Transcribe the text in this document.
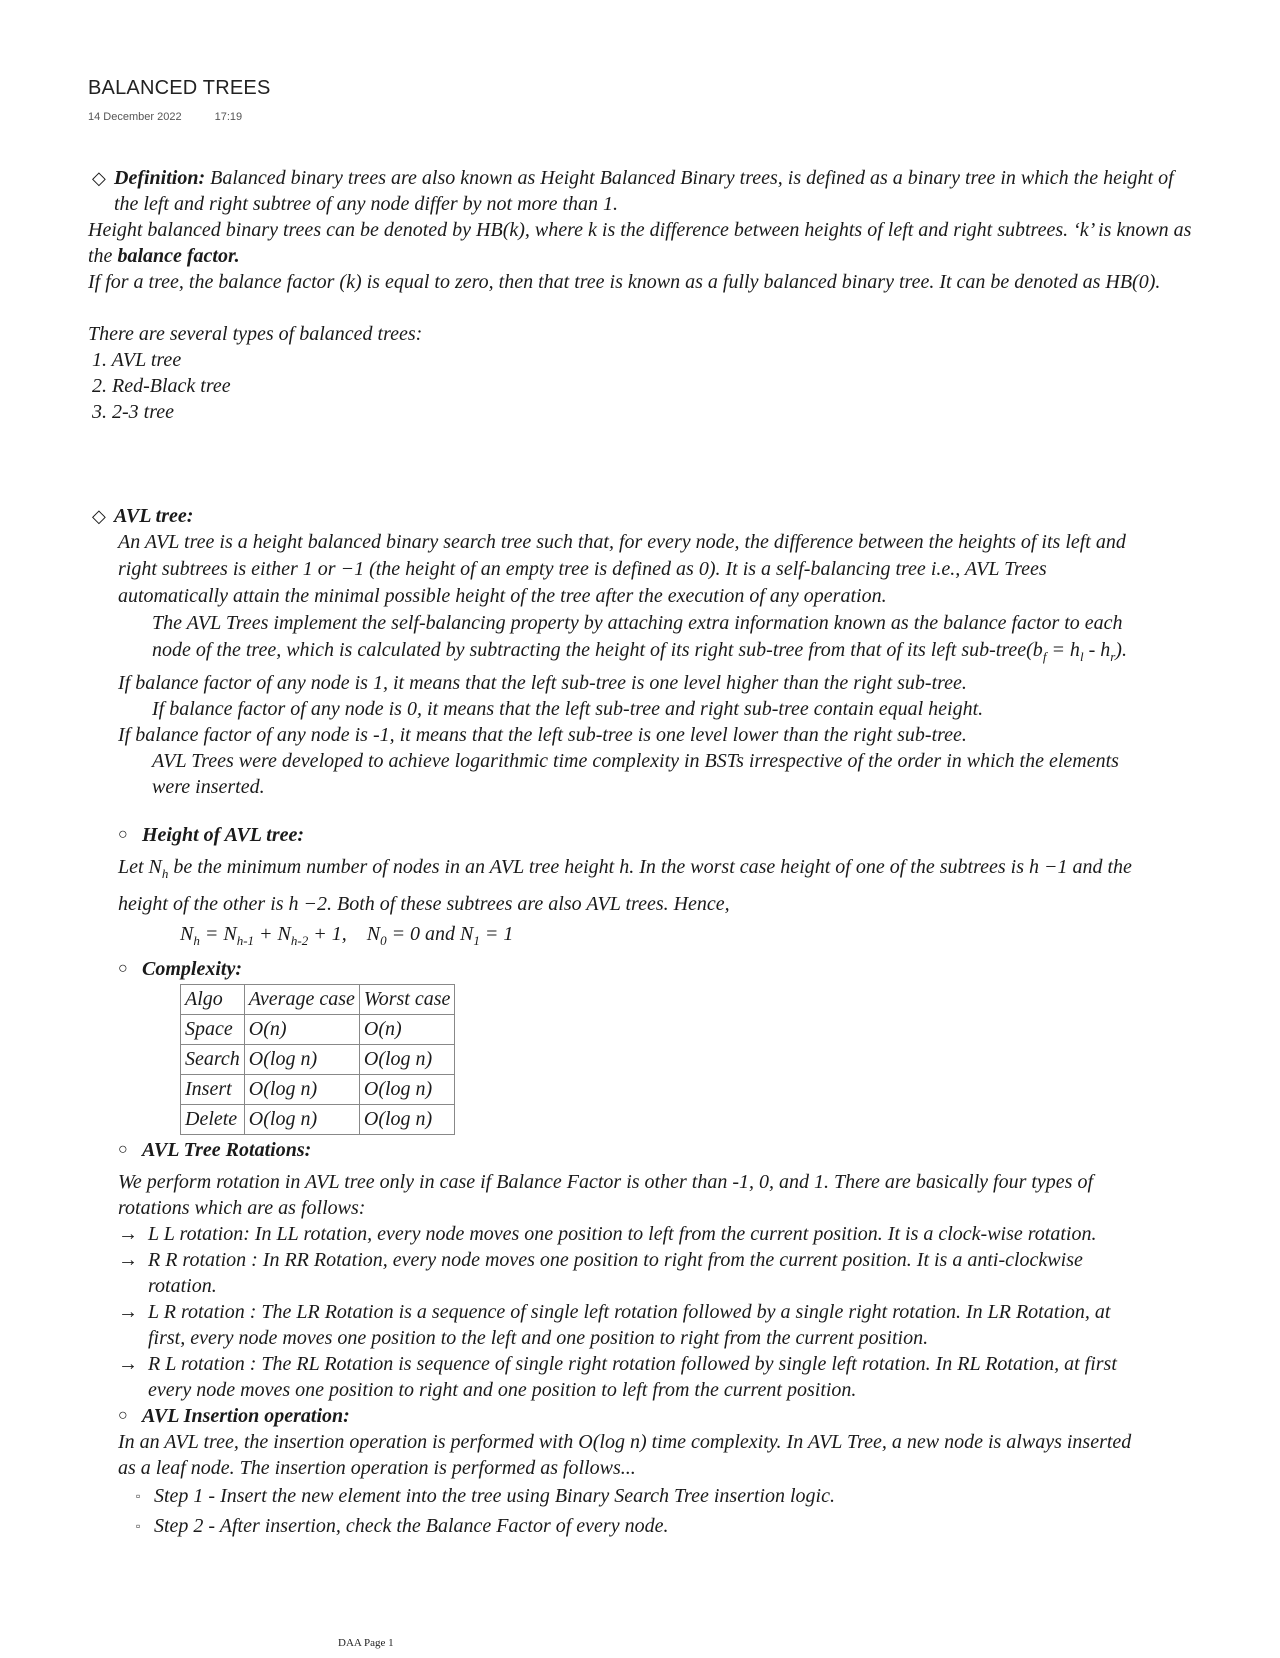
BALANCED TREES
14 December 2022	17:19
◇ Definition: Balanced binary trees are also known as Height Balanced Binary trees, is defined as a binary tree in which the height of
the left and right subtree of any node differ by not more than 1.
Height balanced binary trees can be denoted by HB(k), where k is the difference between heights of left and right subtrees. ‘k’ is known as
the balance factor.
If for a tree, the balance factor (k) is equal to zero, then that tree is known as a fully balanced binary tree. It can be denoted as HB(0).
There are several types of balanced trees:
1. AVL tree
2. Red-Black tree
3. 2-3 tree
◇ AVL tree:
An AVL tree is a height balanced binary search tree such that, for every node, the difference between the heights of its left and
right subtrees is either 1 or −1 (the height of an empty tree is defined as 0). It is a self-balancing tree i.e., AVL Trees
automatically attain the minimal possible height of the tree after the execution of any operation.
The AVL Trees implement the self-balancing property by attaching extra information known as the balance factor to each
node of the tree, which is calculated by subtracting the height of its right sub-tree from that of its left sub-$tree(b_f = h_l - h_r)$.
If balance factor of any node is 1, it means that the left sub-tree is one level higher than the right sub-tree.
If balance factor of any node is 0, it means that the left sub-tree and right sub-tree contain equal height.
If balance factor of any node is -1, it means that the left sub-tree is one level lower than the right sub-tree.
AVL Trees were developed to achieve logarithmic time complexity in BSTs irrespective of the order in which the elements
were inserted.
○ Height of AVL tree:
Let $N_h$ be the minimum number of nodes in an AVL tree height h. In the worst case height of one of the subtrees is h −1 and the
height of the other is h −2. Both of these subtrees are also AVL trees. Hence,
$N_h = N_{h-1} + N_{h-2} + 1$,    $N_0 = 0$ and $N_1 = 1$
○ Complexity:
Algo	Average case	Worst case
Space	O(n)	O(n)
Search	O(log n)	O(log n)
Insert	O(log n)	O(log n)
Delete	O(log n)	O(log n)
○ AVL Tree Rotations:
We perform rotation in AVL tree only in case if Balance Factor is other than -1, 0, and 1. There are basically four types of
rotations which are as follows:
→ L L rotation: In LL rotation, every node moves one position to left from the current position. It is a clock-wise rotation.
→ R R rotation : In RR Rotation, every node moves one position to right from the current position. It is a anti-clockwise
rotation.
→ L R rotation : The LR Rotation is a sequence of single left rotation followed by a single right rotation. In LR Rotation, at
first, every node moves one position to the left and one position to right from the current position.
→ R L rotation : The RL Rotation is sequence of single right rotation followed by single left rotation. In RL Rotation, at first
every node moves one position to right and one position to left from the current position.
○ AVL Insertion operation:
In an AVL tree, the insertion operation is performed with O(log n) time complexity. In AVL Tree, a new node is always inserted
as a leaf node. The insertion operation is performed as follows...
▫ Step 1 - Insert the new element into the tree using Binary Search Tree insertion logic.
▫ Step 2 - After insertion, check the Balance Factor of every node.
DAA Page 1
